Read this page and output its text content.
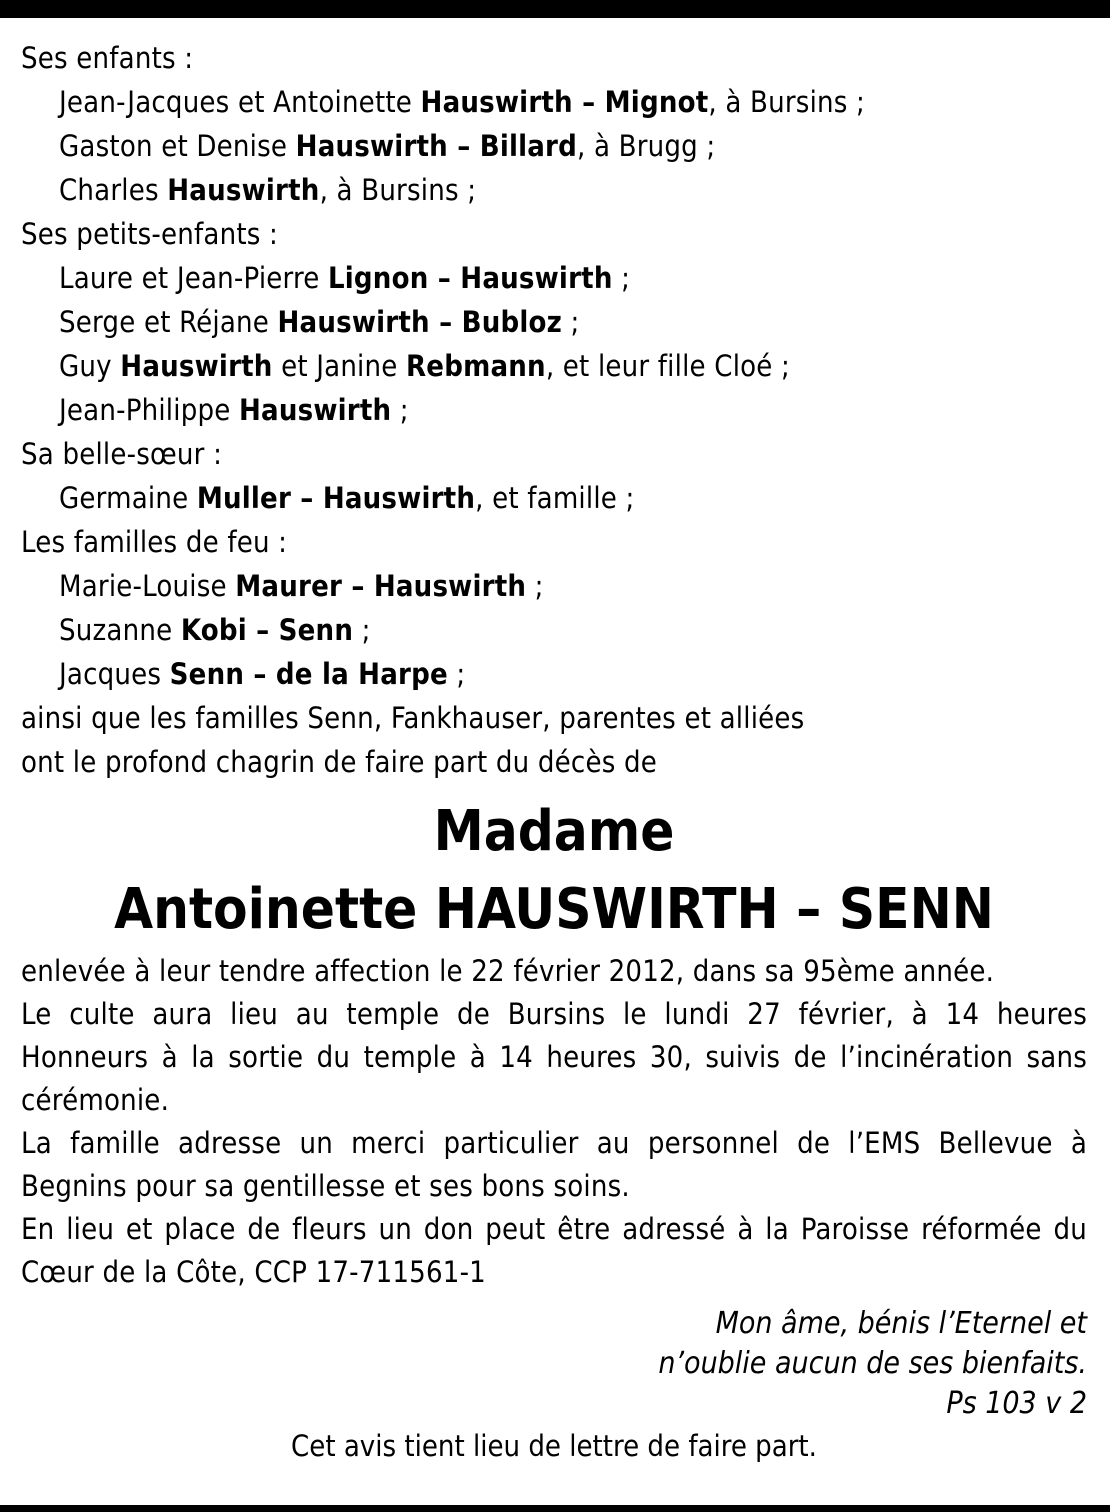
Ses enfants :
Jean-Jacques et Antoinette Hauswirth – Mignot, à Bursins ;
Gaston et Denise Hauswirth – Billard, à Brugg ;
Charles Hauswirth, à Bursins ;
Ses petits-enfants :
Laure et Jean-Pierre Lignon – Hauswirth ;
Serge et Réjane Hauswirth – Bubloz ;
Guy Hauswirth et Janine Rebmann, et leur fille Cloé ;
Jean-Philippe Hauswirth ;
Sa belle-sœur :
Germaine Muller – Hauswirth, et famille ;
Les familles de feu :
Marie-Louise Maurer – Hauswirth ;
Suzanne Kobi – Senn ;
Jacques Senn – de la Harpe ;
ainsi que les familles Senn, Fankhauser, parentes et alliées
ont le profond chagrin de faire part du décès de
Madame
Antoinette HAUSWIRTH – SENN
enlevée à leur tendre affection le 22 février 2012, dans sa 95ème année.
Le culte aura lieu au temple de Bursins le lundi 27 février, à 14 heures Honneurs à la sortie du temple à 14 heures 30, suivis de l’incinération sans cérémonie.
La famille adresse un merci particulier au personnel de l’EMS Bellevue à Begnins pour sa gentillesse et ses bons soins.
En lieu et place de fleurs un don peut être adressé à la Paroisse réformée du Cœur de la Côte, CCP 17-711561-1
Mon âme, bénis l’Eternel et
n’oublie aucun de ses bienfaits.
Ps 103 v 2
Cet avis tient lieu de lettre de faire part.
